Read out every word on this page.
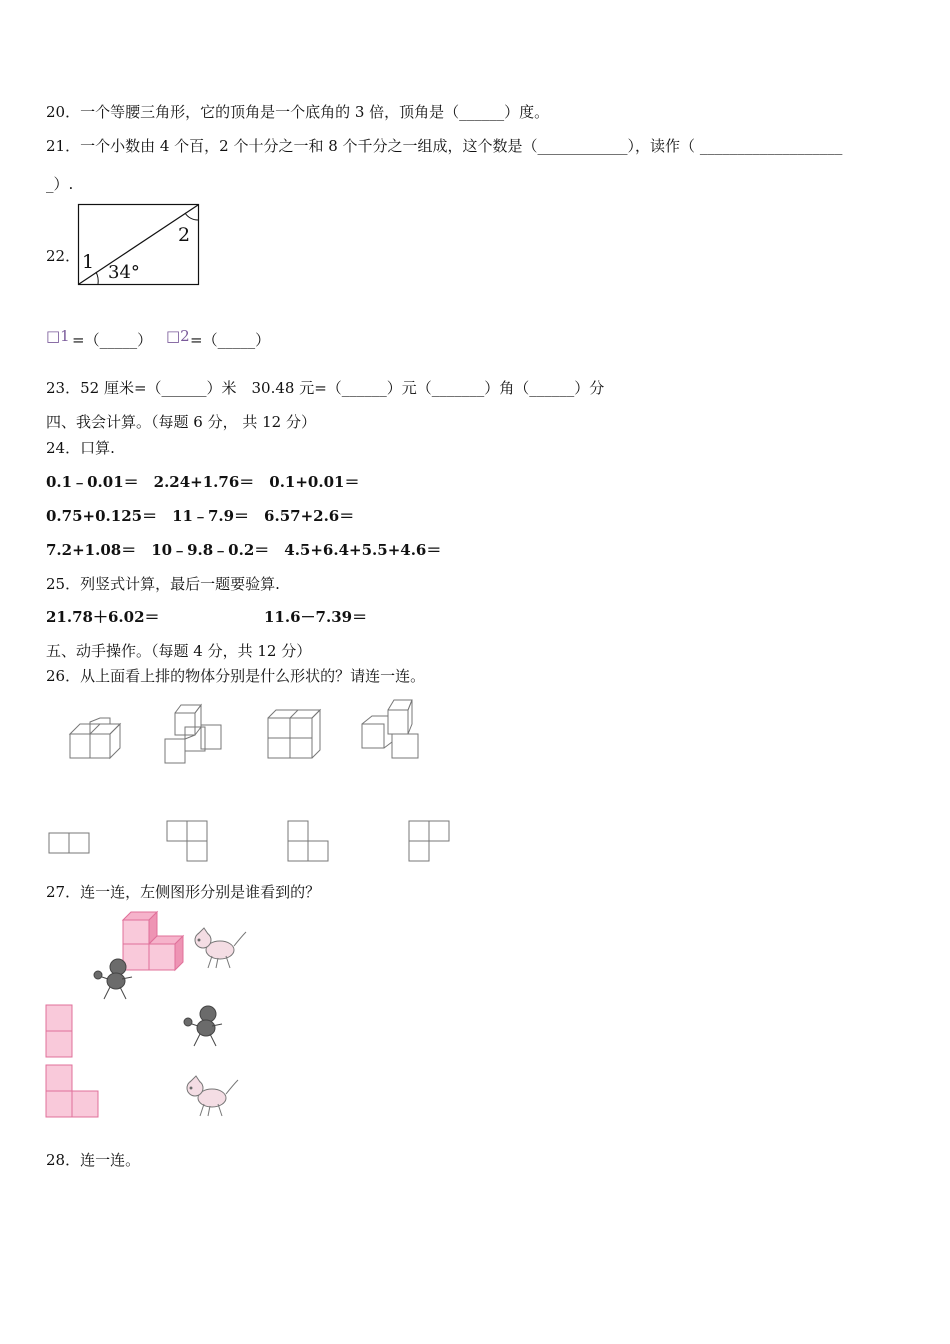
20．一个等腰三角形，它的顶角是一个底角的 3 倍，顶角是（______）度。
21．一个小数由 4 个百，2 个十分之一和 8 个千分之一组成，这个数是（____________），读作（ ___________________
_）.
22． 1
2
34°
□1 =（_____） □2 =（_____）
23．52 厘米=（______）米　30.48 元=（______）元（_______）角（______）分
四、我会计算。（每题 6 分， 共 12 分）
24．口算.
0.1﹣0.01＝　2.24+1.76＝　0.1+0.01＝
0.75+0.125＝　11﹣7.9＝　6.57+2.6＝
7.2+1.08＝　10﹣9.8﹣0.2＝　4.5+6.4+5.5+4.6＝
25．列竖式计算，最后一题要验算.
21.78＋6.02＝	11.6－7.39＝
五、动手操作。（每题 4 分，共 12 分）
26．从上面看上排的物体分别是什么形状的？请连一连。
27．连一连，左侧图形分别是谁看到的？
28．连一连。
